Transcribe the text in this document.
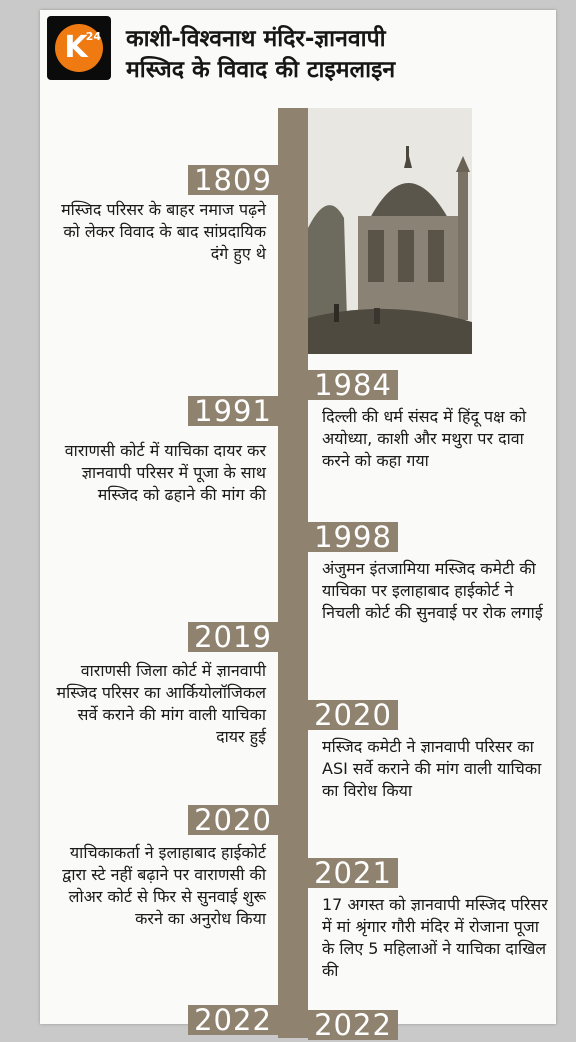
K
24 काशी-विश्वनाथ मंदिर-ज्ञानवापी
मस्जिद के विवाद की टाइमलाइन
1809
मस्जिद परिसर के बाहर नमाज पढ़ने को लेकर विवाद के बाद सांप्रदायिक दंगे हुए थे
1984
दिल्ली की धर्म संसद में हिंदू पक्ष को अयोध्या, काशी और मथुरा पर दावा करने को कहा गया
1991
वाराणसी कोर्ट में याचिका दायर कर ज्ञानवापी परिसर में पूजा के साथ मस्जिद को ढहाने की मांग की
1998
अंजुमन इंतजामिया मस्जिद कमेटी की याचिका पर इलाहाबाद हाईकोर्ट ने निचली कोर्ट की सुनवाई पर रोक लगाई
2019
वाराणसी जिला कोर्ट में ज्ञानवापी मस्जिद परिसर का आर्कियोलॉजिकल सर्वे कराने की मांग वाली याचिका दायर हुई
2020
मस्जिद कमेटी ने ज्ञानवापी परिसर का ASI सर्वे कराने की मांग वाली याचिका का विरोध किया
2020
याचिकाकर्ता ने इलाहाबाद हाईकोर्ट द्वारा स्टे नहीं बढ़ाने पर वाराणसी की लोअर कोर्ट से फिर से सुनवाई शुरू करने का अनुरोध किया
2021
17 अगस्त को ज्ञानवापी मस्जिद परिसर में मां श्रृंगार गौरी मंदिर में रोजाना पूजा के लिए 5 महिलाओं ने याचिका दाखिल की
2022 2022
